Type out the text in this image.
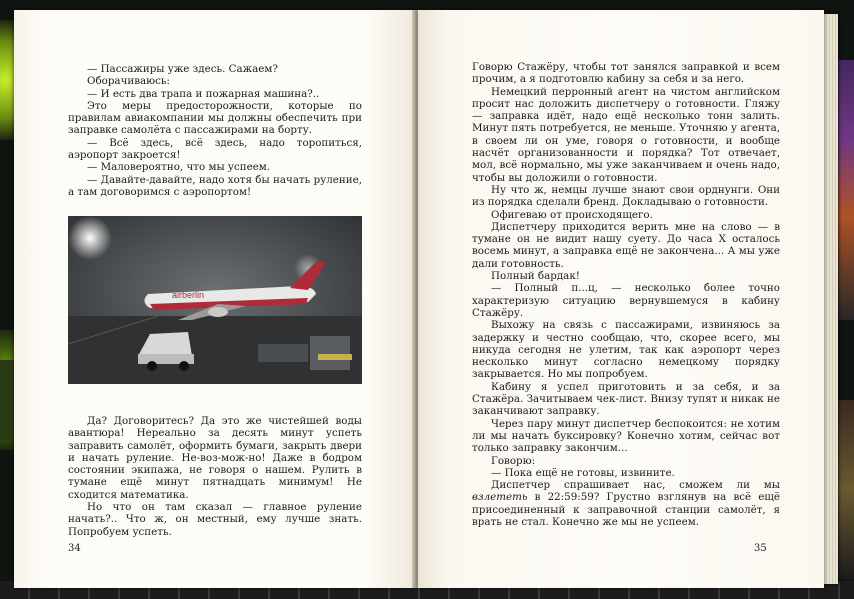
— Пассажиры уже здесь. Сажаем?

Оборачиваюсь:

— И есть два трапа и пожарная машина?..

Это меры предосторожности, которые по правилам авиакомпании мы должны обеспечить при заправке самолёта с пассажирами на борту.

— Всё здесь, всё здесь, надо торопиться, аэропорт закроется!

— Маловероятно, что мы успеем.

— Давайте-давайте, надо хотя бы начать руление, а там договоримся с аэропортом!

airberlin

Да? Договоритесь? Да это же чистейшей воды авантюра! Нереально за десять минут успеть заправить самолёт, оформить бумаги, закрыть двери и начать руление. Не-воз-мож-но! Даже в бодром состоянии экипажа, не говоря о нашем. Рулить в тумане ещё минут пятнадцать минимум! Не сходится математика.

Но что он там сказал — главное руление начать?.. Что ж, он местный, ему лучше знать. Попробуем успеть.

34

Говорю Стажёру, чтобы тот занялся заправкой и всем прочим, а я подготовлю кабину за себя и за него.

Немецкий перронный агент на чистом английском просит нас доложить диспетчеру о готовности. Гляжу — заправка идёт, надо ещё несколько тонн залить. Минут пять потребуется, не меньше. Уточняю у агента, в своем ли он уме, говоря о готовности, и вообще насчёт организованности и порядка? Тот отвечает, мол, всё нормально, мы уже заканчиваем и очень надо, чтобы вы доложили о готовности.

Ну что ж, немцы лучше знают свои орднунги. Они из порядка сделали бренд. Докладываю о готовности.

Офигеваю от происходящего.

Диспетчеру приходится верить мне на слово — в тумане он не видит нашу суету. До часа Х осталось восемь минут, а заправка ещё не закончена... А мы уже дали готовность.

Полный бардак!

— Полный п...ц, — несколько более точно характеризую ситуацию вернувшемуся в кабину Стажёру.

Выхожу на связь с пассажирами, извиняюсь за задержку и честно сообщаю, что, скорее всего, мы никуда сегодня не улетим, так как аэропорт через несколько минут согласно немецкому порядку закрывается. Но мы попробуем.

Кабину я успел приготовить и за себя, и за Стажёра. Зачитываем чек-лист. Внизу тупят и никак не заканчивают заправку.

Через пару минут диспетчер беспокоится: не хотим ли мы начать буксировку? Конечно хотим, сейчас вот только заправку закончим...

Говорю:

— Пока ещё не готовы, извините.

Диспетчер спрашивает нас, сможем ли мы взлететь в 22:59:59? Грустно взглянув на всё ещё присоединенный к заправочной станции самолёт, я врать не стал. Конечно же мы не успеем.

35
